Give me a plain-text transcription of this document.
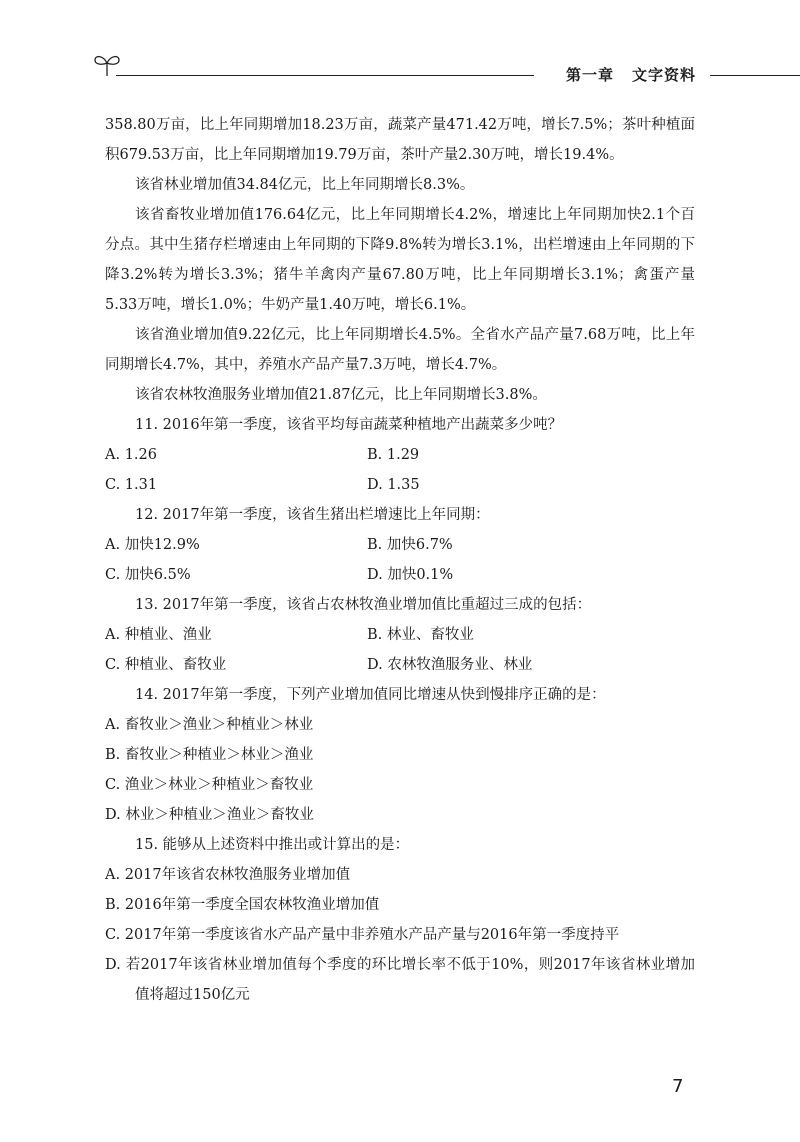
第一章 文字资料

358.80万亩，比上年同期增加18.23万亩，蔬菜产量471.42万吨，增长7.5%；茶叶种植面积679.53万亩，比上年同期增加19.79万亩，茶叶产量2.30万吨，增长19.4%。

该省林业增加值34.84亿元，比上年同期增长8.3%。

该省畜牧业增加值176.64亿元，比上年同期增长4.2%，增速比上年同期加快2.1个百分点。其中生猪存栏增速由上年同期的下降9.8%转为增长3.1%，出栏增速由上年同期的下降3.2%转为增长3.3%；猪牛羊禽肉产量67.80万吨，比上年同期增长3.1%；禽蛋产量5.33万吨，增长1.0%；牛奶产量1.40万吨，增长6.1%。

该省渔业增加值9.22亿元，比上年同期增长4.5%。全省水产品产量7.68万吨，比上年同期增长4.7%，其中，养殖水产品产量7.3万吨，增长4.7%。

该省农林牧渔服务业增加值21.87亿元，比上年同期增长3.8%。

11. 2016年第一季度，该省平均每亩蔬菜种植地产出蔬菜多少吨？

A. 1.26	B. 1.29
C. 1.31	D. 1.35

12. 2017年第一季度，该省生猪出栏增速比上年同期：

A. 加快12.9%	B. 加快6.7%
C. 加快6.5%	D. 加快0.1%

13. 2017年第一季度，该省占农林牧渔业增加值比重超过三成的包括：

A. 种植业、渔业	B. 林业、畜牧业
C. 种植业、畜牧业	D. 农林牧渔服务业、林业

14. 2017年第一季度，下列产业增加值同比增速从快到慢排序正确的是：

A. 畜牧业＞渔业＞种植业＞林业
B. 畜牧业＞种植业＞林业＞渔业
C. 渔业＞林业＞种植业＞畜牧业
D. 林业＞种植业＞渔业＞畜牧业

15. 能够从上述资料中推出或计算出的是：

A. 2017年该省农林牧渔服务业增加值

B. 2016年第一季度全国农林牧渔业增加值

C. 2017年第一季度该省水产品产量中非养殖水产品产量与2016年第一季度持平

D. 若2017年该省林业增加值每个季度的环比增长率不低于10%，则2017年该省林业增加值将超过150亿元

7
